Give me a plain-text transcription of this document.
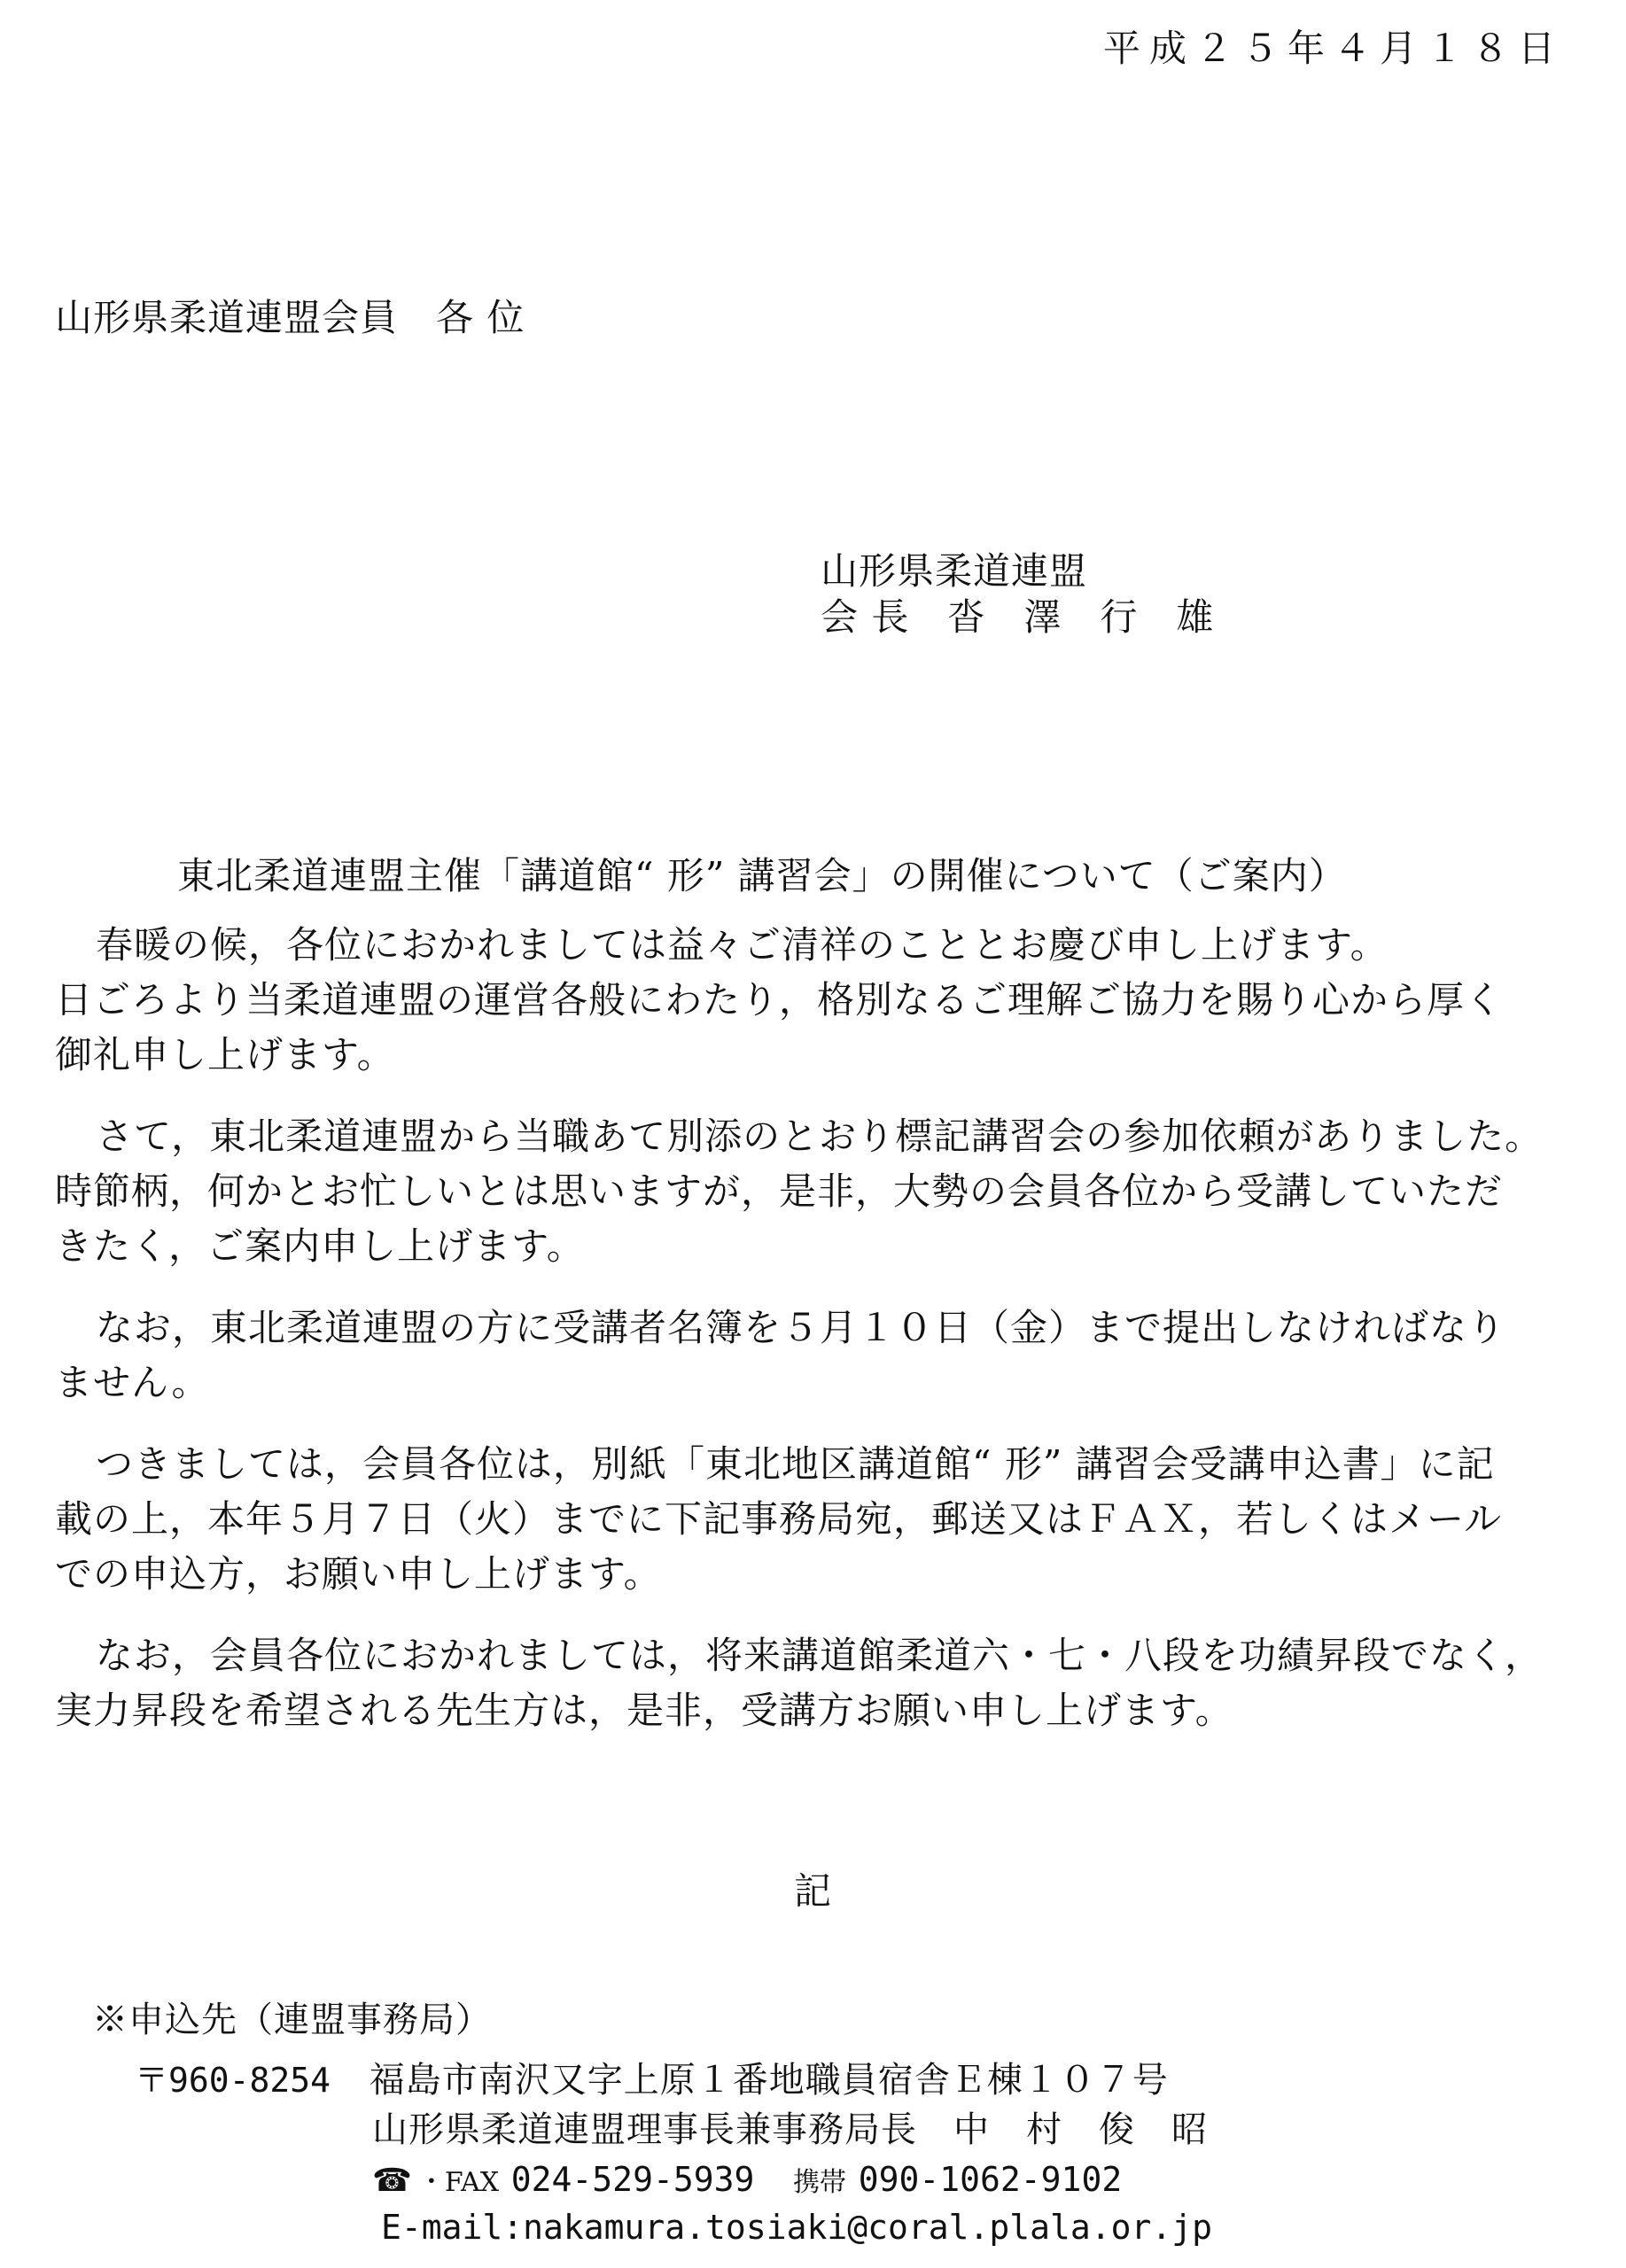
平成２５年４月１８日
山形県柔道連盟会員　各 位
山形県柔道連盟
会 長　沓　澤　行　雄
東北柔道連盟主催「講道館“ 形” 講習会」の開催について（ご案内）
春暖の候，各位におかれましては益々ご清祥のこととお慶び申し上げます。
日ごろより当柔道連盟の運営各般にわたり，格別なるご理解ご協力を賜り心から厚く
御礼申し上げます。
さて，東北柔道連盟から当職あて別添のとおり標記講習会の参加依頼がありました。
時節柄，何かとお忙しいとは思いますが，是非，大勢の会員各位から受講していただ
きたく，ご案内申し上げます。
なお，東北柔道連盟の方に受講者名簿を５月１０日（金）まで提出しなければなり
ません。
つきましては，会員各位は，別紙「東北地区講道館“ 形” 講習会受講申込書」に記
載の上，本年５月７日（火）までに下記事務局宛，郵送又はＦＡＸ，若しくはメール
での申込方，お願い申し上げます。
なお，会員各位におかれましては，将来講道館柔道六・七・八段を功績昇段でなく，
実力昇段を希望される先生方は，是非，受講方お願い申し上げます。
記
※申込先（連盟事務局）
〒960-8254 福島市南沢又字上原１番地職員宿舎Ｅ棟１０７号
山形県柔道連盟理事長兼事務局長　中　村　俊　昭
☎ ・FAX 024-529-5939 携帯 090-1062-9102
E-mail:nakamura.tosiaki@coral.plala.or.jp
